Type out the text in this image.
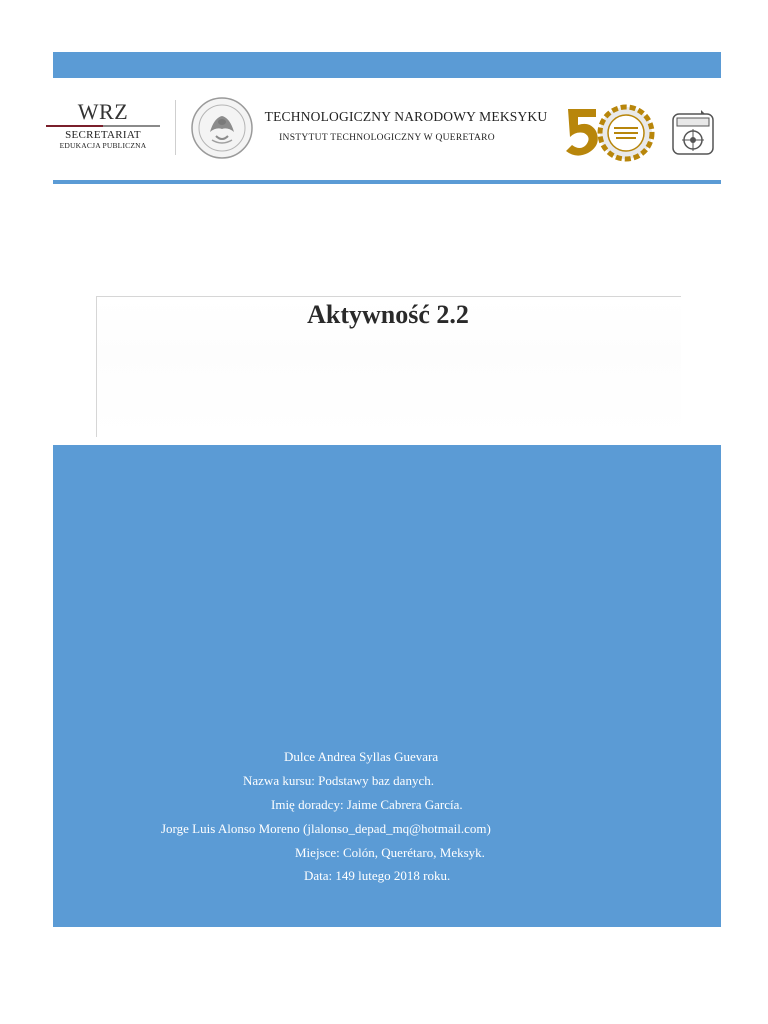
WRZ
SECRETARIAT
EDUKACJA PUBLICZNA
TECHNOLOGICZNY NARODOWY MEKSYKU
INSTYTUT TECHNOLOGICZNY W QUERETARO
Aktywność 2.2
Dulce Andrea Syllas Guevara
Nazwa kursu: Podstawy baz danych.
Imię doradcy: Jaime Cabrera García.
Jorge Luis Alonso Moreno (jlalonso_depad_mq@hotmail.com)
Miejsce: Colón, Querétaro, Meksyk.
Data: 149 lutego 2018 roku.
